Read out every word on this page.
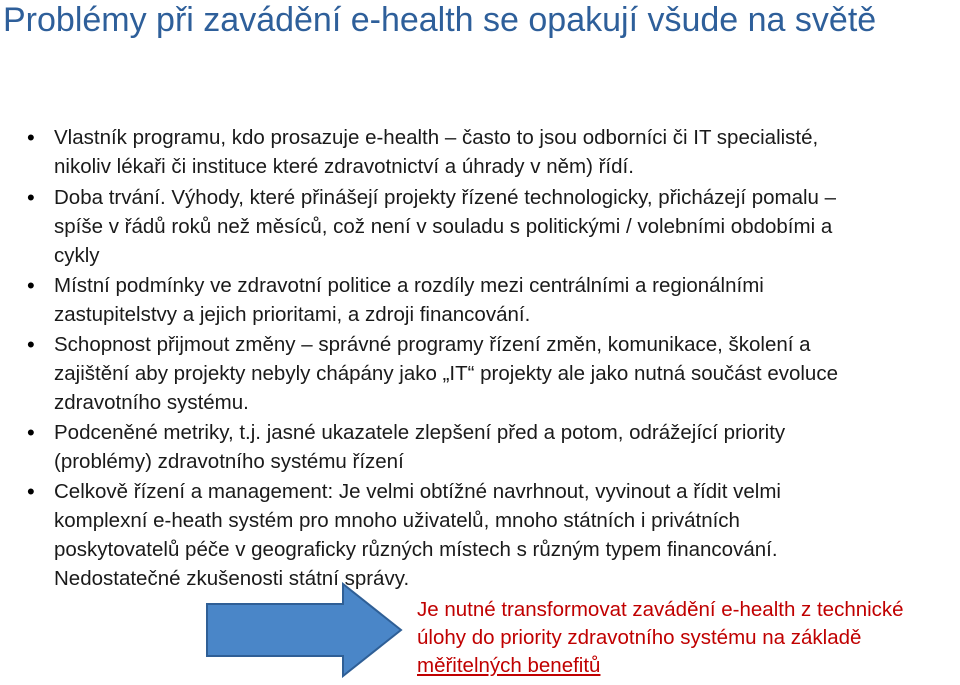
Problémy při zavádění e-health se opakují všude na světě
• Vlastník programu, kdo prosazuje e-health – často to jsou odborníci či IT specialisté,
nikoliv lékaři či instituce které zdravotnictví a úhrady v něm) řídí.
• Doba trvání. Výhody, které přinášejí projekty řízené technologicky, přicházejí pomalu –
spíše v řádů roků než měsíců, což není v souladu s politickými / volebními obdobími a
cykly
• Místní podmínky ve zdravotní politice a rozdíly mezi centrálními a regionálními
zastupitelstvy a jejich prioritami, a zdroji financování.
• Schopnost přijmout změny – správné programy řízení změn, komunikace, školení a
zajištění aby projekty nebyly chápány jako „IT“ projekty ale jako nutná součást evoluce
zdravotního systému.
• Podceněné metriky, t.j. jasné ukazatele zlepšení před a potom, odrážející priority
(problémy) zdravotního systému řízení
• Celkově řízení a management: Je velmi obtížné navrhnout, vyvinout a řídit velmi
komplexní e-heath systém pro mnoho uživatelů, mnoho státních i privátních
poskytovatelů péče v geograficky různých místech s různým typem financování.
Nedostatečné zkušenosti státní správy.
Je nutné transformovat zavádění e-health z technické
úlohy do priority zdravotního systému na základě
měřitelných benefitů
